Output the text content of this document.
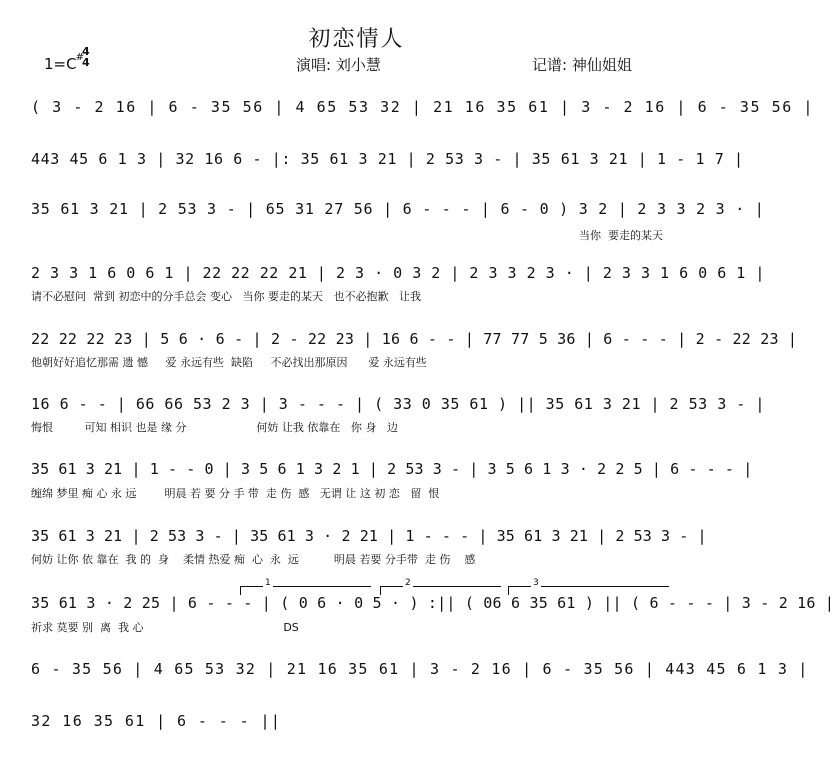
初恋情人
1=C#
4
4	演唱: 刘小慧	记谱: 神仙姐姐
( 3 - 2 16 | 6 - 35 56 | 4 65 53 32 | 21 16 35 61 | 3 - 2 16 | 6 - 35 56 |
443 45 6 1 3 | 32 16 6 - |: 35 61 3 21 | 2 53 3 - | 35 61 3 21 | 1 - 1 7 |
35 61 3 21 | 2 53 3 - | 65 31 27 56 | 6 - - - | 6 - 0 ) 3 2 | 2 3 3 2 3 · |
当你  要走的某天
2 3 3 1 6 0 6 1 | 22 22 22 21 | 2 3 · 0 3 2 | 2 3 3 2 3 · | 2 3 3 1 6 0 6 1 |
请不必慰问  常到 初恋中的分手总会 变心   当你 要走的某天   也不必抱歉   让我
22 22 22 23 | 5 6 · 6 - | 2 - 22 23 | 16 6 - - | 77 77 5 36 | 6 - - - | 2 - 22 23 |
他朝好好追忆那需 遗 憾     爱 永远有些  缺陷     不必找出那原因      爱 永远有些
16 6 - - | 66 66 53 2 3 | 3 - - - | ( 33 0 35 61 ) || 35 61 3 21 | 2 53 3 - |
悔恨         可知 相识 也是 缘 分                    何妨 让我 依靠在   你 身   边
35 61 3 21 | 1 - - 0 | 3 5 6 1 3 2 1 | 2 53 3 - | 3 5 6 1 3 · 2 2 5 | 6 - - - |
缠绵 梦里 痴 心 永 远        明晨 若 要 分 手 带  走 伤  感   无谓 让 这 初 恋   留  恨
35 61 3 21 | 2 53 3 - | 35 61 3 · 2 21 | 1 - - - | 35 61 3 21 | 2 53 3 - |
何妨 让你 依 靠在  我 的  身    柔情 热爱 痴  心  永  远          明晨 若要 分手带  走 伤    感
1	2	3
35 61 3 · 2 25 | 6 - - - | ( 0 6 · 0 5 · ) :|| ( 06 6 35 61 ) || ( 6 - - - | 3 - 2 16 |
祈求 莫要 别  离  我 心                                        DS
6 - 35 56 | 4 65 53 32 | 21 16 35 61 | 3 - 2 16 | 6 - 35 56 | 443 45 6 1 3 |
32 16 35 61 | 6 - - - ||
